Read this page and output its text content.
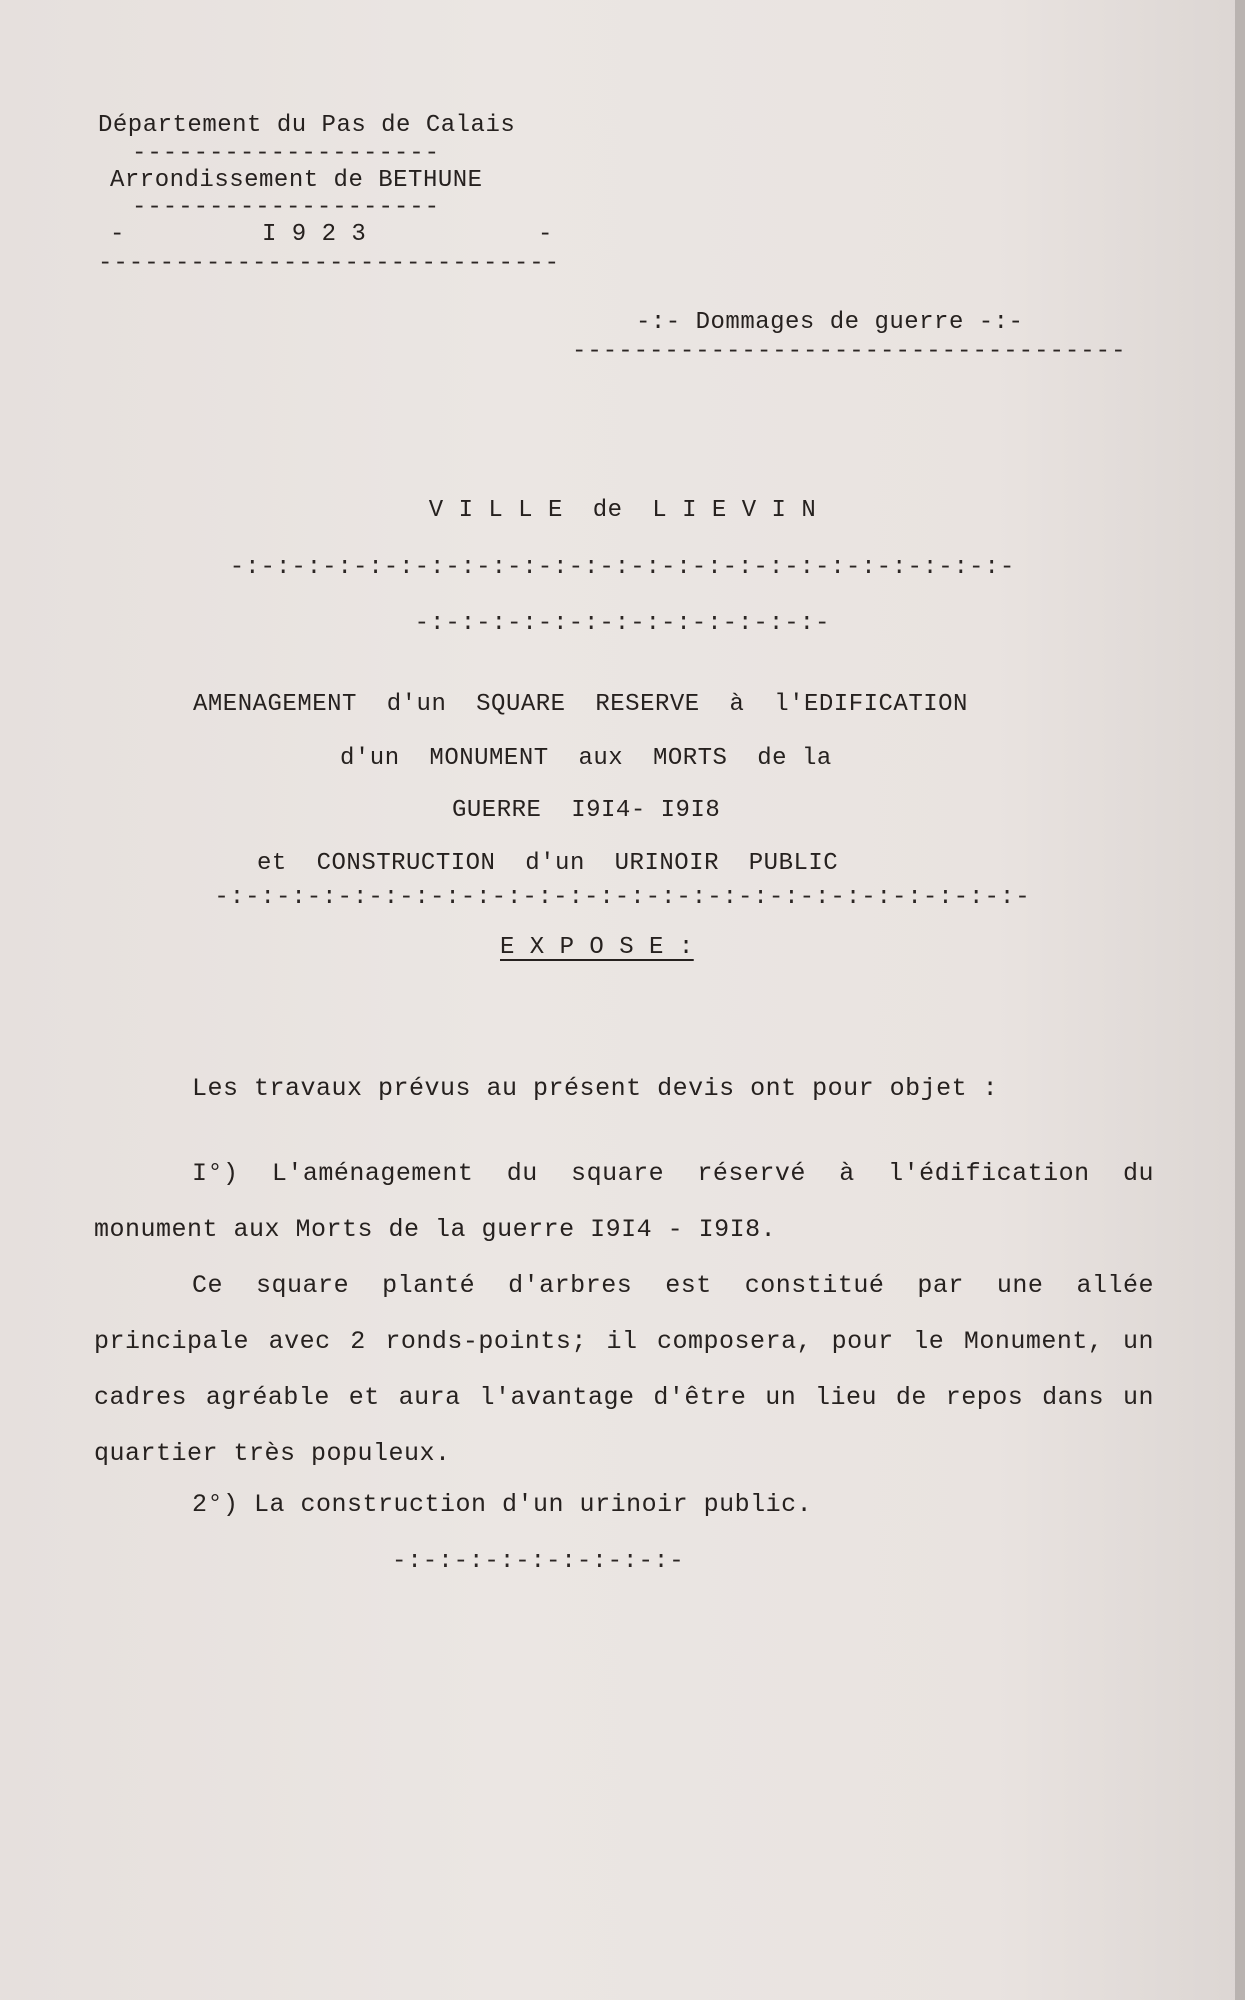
Département du Pas de Calais
--------------------
Arrondissement de BETHUNE
--------------------
-	I 9 2 3	-
------------------------------
-:- Dommages de guerre -:-
------------------------------------
V I L L E  de  L I E V I N
-:-:-:-:-:-:-:-:-:-:-:-:-:-:-:-:-:-:-:-:-:-:-:-:-:-
-:-:-:-:-:-:-:-:-:-:-:-:-:-
AMENAGEMENT  d'un  SQUARE  RESERVE  à  l'EDIFICATION
d'un  MONUMENT  aux  MORTS  de la
GUERRE  I9I4- I9I8
et  CONSTRUCTION  d'un  URINOIR  PUBLIC
-:-:-:-:-:-:-:-:-:-:-:-:-:-:-:-:-:-:-:-:-:-:-:-:-:-:-
E X P O S E :
Les travaux prévus au présent devis ont pour objet :
I°) L'aménagement du square réservé à l'édification du monument aux Morts de la guerre I9I4 - I9I8.
Ce square planté d'arbres est constitué par une allée principale avec 2 ronds-points; il composera, pour le Monument, un cadres agréable et aura l'avantage d'être un lieu de repos dans un quartier très populeux.
2°) La construction d'un urinoir public.
-:-:-:-:-:-:-:-:-:-
